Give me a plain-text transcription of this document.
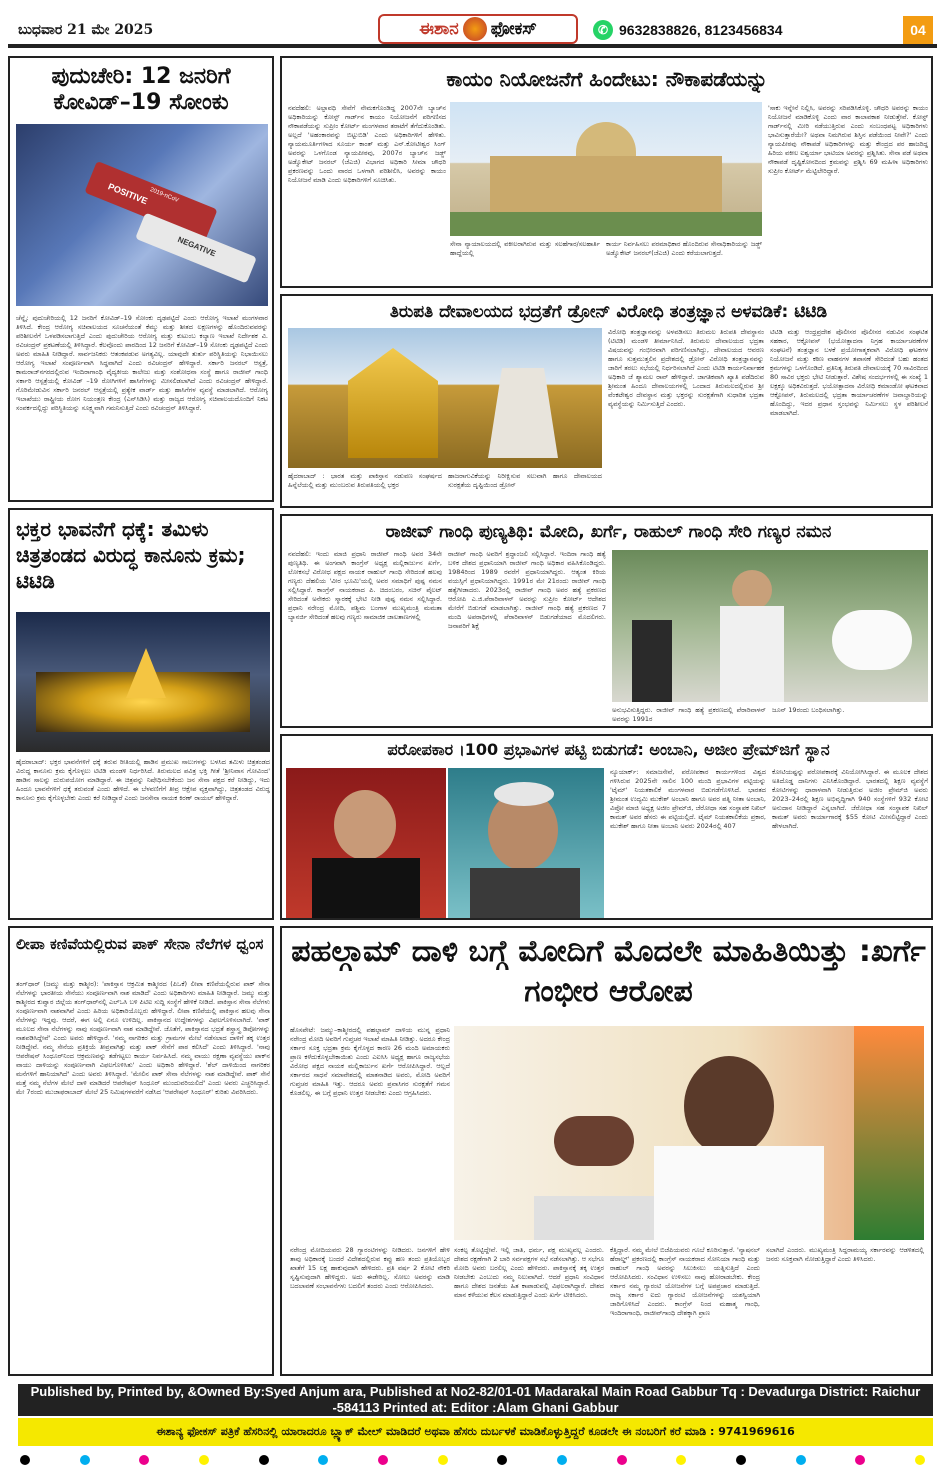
ಬುಧವಾರ 21 ಮೇ 2025	ಈಶಾನ ಫೋಕಸ್	✆ 9632838826, 8123456834	04
ಪುದುಚೇರಿ: 12 ಜನರಿಗೆ ಕೋವಿಡ್–19 ಸೋಂಕು
2019-nCoV
POSITIVE
NEGATIVE
ಚೆನ್ನೈ: ಪುದುಚೇರಿಯಲ್ಲಿ 12 ಜನರಿಗೆ ಕೋವಿಡ್–19 ಸೋಂಕು ದೃಢಪಟ್ಟಿದೆ ಎಂದು ಆರೋಗ್ಯ ಇಲಾಖೆ ಮಂಗಳವಾರ ತಿಳಿಸಿದೆ. ಕೇಂದ್ರ ಆರೋಗ್ಯ ಸಚಿವಾಲಯದ ಸೂಚನೆಯಂತೆ ಕೆಮ್ಮು ಮತ್ತು ಶೀತದ ಲಕ್ಷಣಗಳನ್ನು ಹೊಂದಿರುವವರನ್ನು ಪರಿಶೀಲನೆಗೆ ಒಳಪಡಿಸಲಾಗುತ್ತಿದೆ ಎಂದು ಪುದುಚೇರಿಯ ಆರೋಗ್ಯ ಮತ್ತು ಕುಟುಂಬ ಕಲ್ಯಾಣ ಇಲಾಖೆ ನಿರ್ದೇಶಕ ವಿ. ರವಿಚಂದ್ರನ್ ಪ್ರಕಟಣೆಯಲ್ಲಿ ತಿಳಿಸಿದ್ದಾರೆ. ಕೆಲವೊಂದು ಪಾರದಿಂದ 12 ಜನರಿಗೆ ಕೋವಿಡ್–19 ಸೋಂಕು ದೃಢಪಟ್ಟಿದೆ ಎಂದು ಅವರು ಮಾಹಿತಿ ನೀಡಿದ್ದಾರೆ. ಸಾರ್ವಜನಿಕರು ಆತಂಕಪಡುವ ಅಗತ್ಯವಿಲ್ಲ. ಯಾವುದೇ ತುರ್ತು ಪರಿಸ್ಥಿತಿಯನ್ನು ನಿಭಾಯಿಸಲು ಆರೋಗ್ಯ ಇಲಾಖೆ ಸಂಪೂರ್ಣವಾಗಿ ಸಿದ್ಧವಾಗಿದೆ ಎಂದು ರವಿಚಂದ್ರನ್ ಹೇಳಿದ್ದಾರೆ. ಸರ್ಕಾರಿ ಜನರಲ್ ಆಸ್ಪತ್ರೆ, ಕಾಮರಾಜ್‌ನಗರದಲ್ಲಿರುವ ಇಂದಿರಾಗಾಂಧಿ ವೈದ್ಯಕೀಯ ಕಾಲೇಜು ಮತ್ತು ಸಂಶೋಧನಾ ಸಂಸ್ಥೆ ಹಾಗೂ ರಾಜೀವ್ ಗಾಂಧಿ ಸರ್ಕಾರಿ ಆಸ್ಪತ್ರೆಯಲ್ಲಿ ಕೋವಿಡ್ –19 ರೋಗಿಗಳಿಗೆ ಹಾಸಿಗೆಗಳನ್ನು ಮೀಸಲಿಡಲಾಗಿದೆ ಎಂದು ರವಿಚಂದ್ರನ್ ಹೇಳಿದ್ದಾರೆ. ಗೊರಿಮೇಡುವಿನ ಸರ್ಕಾರಿ ಜನರಲ್ ಆಸ್ಪತ್ರೆಯಲ್ಲಿ ಪ್ರತ್ಯೇಕ ವಾರ್ಡ್ ಮತ್ತು ಹಾಸಿಗೆಗಳ ವ್ಯವಸ್ಥೆ ಮಾಡಲಾಗಿದೆ. ಆರೋಗ್ಯ ಇಲಾಖೆಯು ರಾಷ್ಟ್ರೀಯ ರೋಗ ನಿಯಂತ್ರಣ ಕೇಂದ್ರ (ಎನ್‌ಸಿಡಿಸಿ) ಮತ್ತು ರಾಜ್ಯದ ಆರೋಗ್ಯ ಸಚಿವಾಲಯದೊಂದಿಗೆ ನಿಕಟ ಸಂಪರ್ಕದಲ್ಲಿದ್ದು ಪರಿಸ್ಥಿತಿಯನ್ನು ಸೂಕ್ಷ್ಮವಾಗಿ ಗಮನಿಸುತ್ತಿದೆ ಎಂದು ರವಿಚಂದ್ರನ್ ತಿಳಿಸಿದ್ದಾರೆ.
ಕಾಯಂ ನಿಯೋಜನೆಗೆ ಹಿಂದೇಟು: ನೌಕಾಪಡೆಯನ್ನು
ನವದೆಹಲಿ: ಅಲ್ಪಾವಧಿ ಸೇವೆಗೆ ನೇಮಕಗೊಂಡಿದ್ದ 2007ನೇ ಬ್ಯಾಚ್‌ನ ಅಧಿಕಾರಿಯನ್ನು ಕೋಸ್ಟ್ ಗಾರ್ಡ್‌ನ ಕಾಯಂ ನಿಯೋಜನೆಗೆ ಪರಿಗಣಿಸದ ನೌಕಾಪಡೆಯನ್ನು ಸುಪ್ರೀಂ ಕೋರ್ಟ್ ಮಂಗಳವಾರ ತರಾಟೆಗೆ ತೆಗೆದುಕೊಂಡಿತು. ಅಲ್ಲದೆ 'ಅಹಂಕಾರವನ್ನು ಬಿಟ್ಟುಬಿಡಿ' ಎಂದು ಅಧಿಕಾರಿಗಳಿಗೆ ಹೇಳಿತು. ನ್ಯಾಯಮೂರ್ತಿಗಳಾದ ಸೂರ್ಯ ಕಾಂತ್ ಮತ್ತು ಎನ್.ಕೋಟೀಶ್ವರ ಸಿಂಗ್ ಅವರನ್ನು ಒಳಗೊಂಡ ನ್ಯಾಯಪೀಠವು, 2007ರ ಬ್ಯಾಚ್‌ನ ಜಡ್ಜ್ ಅಡ್ವೊಕೇಟ್ ಜನರಲ್ (ಜೆಎಜಿ) ವಿಭಾಗದ ಅಧಿಕಾರಿ ಸೀಮಾ ಚೌಧರಿ ಪ್ರಕರಣವನ್ನು ಒಂದು ವಾರದ ಒಳಗಾಗಿ ಪರಿಶೀಲಿಸಿ, ಅವರನ್ನು ಕಾಯಂ ನಿಯೋಜನೆ ಮಾಡಿ ಎಂದು ಅಧಿಕಾರಿಗಳಿಗೆ ಸೂಚಿಸಿತು.
ಸೇನಾ ನ್ಯಾಯಾಲಯದಲ್ಲಿ ವಕೀಲರಾಗಿರುವ ಮತ್ತು ಸಲಹೆಗಾರ/ಸಲಹಾರ್ತಿ ಹಾದ್ದೆಯಲ್ಲಿ
ಕಾರ್ಯ ನಿರ್ವಹಿಸಲು ಪರಮಾಧಿಕಾರ ಹೊಂದಿರುವ ಸೇನಾಧಿಕಾರಿಯನ್ನು ಜಡ್ಜ್ ಅಡ್ವೊಕೇಟ್ ಜನರಲ್(ಜೆಎಜಿ) ಎಂದು ಕರೆಯಲಾಗುತ್ತದೆ.
'ಸಾಕು ಇನ್ನೇನೆ ನಿಲ್ಲಿಸಿ, ಅವರನ್ನು ಸರಿಪಡಿಸಿಕೊಳ್ಳಿ. ಚೌಧರಿ ಅವರನ್ನು ಕಾಯಂ ನಿಯೋಜನೆ ಮಾಡಿಕೊಳ್ಳಿ ಎಂದು ವಾರ ಕಾಲಾವಕಾಶ ನೀಡುತ್ತೇವೆ. ಕೋಸ್ಟ್ ಗಾರ್ಡ್‌ನಲ್ಲಿ ಮೀರಿ ನಡೆಯುತ್ತಿರುವ ಎಂದು ಸಂಬಂಧಪಟ್ಟ ಅಧಿಕಾರಿಗಳು ಭಾವಿಸುತ್ತಾರೆಯೇ? ಅಥವಾ ನಿಮಗಿರುವ ಶಿಸ್ತಿನ ಪಡೆಯಿಂದ ನೀವೇ?' ಎಂದು ನ್ಯಾಯಪೀಠವು ನೌಕಾಪಡೆ ಅಧಿಕಾರಿಗಳನ್ನು ಮತ್ತು ಕೇಂದ್ರದ ಪರ ಹಾಜರಿದ್ದ ಹಿರಿಯ ವಕೀಲ ಐಶ್ವರ್ಯಾ ಭಾಟಿಯಾ ಅವರನ್ನು ಪ್ರಶ್ನಿಸಿತು. ಸೇನಾ ಪಡೆ ಅಥವಾ ನೌಕಾಪಡೆ ದೃಷ್ಟಿಕೋನದಿಂದ ಕ್ರಮವನ್ನು ಪ್ರಶ್ನಿಸಿ 69 ಮಹಿಳಾ ಅಧಿಕಾರಿಗಳು ಸುಪ್ರೀಂ ಕೋರ್ಟ್ ಮೆಟ್ಟಿಲೇರಿದ್ದಾರೆ.
ತಿರುಪತಿ ದೇವಾಲಯದ ಭದ್ರತೆಗೆ ಡ್ರೋನ್ ವಿರೋಧಿ ತಂತ್ರಜ್ಞಾನ ಅಳವಡಿಕೆ: ಟಿಟಿಡಿ
ಹೈದರಾಬಾದ್ : ಭಾರತ ಮತ್ತು ಪಾಕಿಸ್ತಾನ ನಡುವಣ ಸಂಘರ್ಷದ ಹಿನ್ನೆಲೆಯಲ್ಲಿ ಮತ್ತು ಮುಂಬರುವ ತಿರುಪತಿಯಲ್ಲಿ ಭಕ್ತರ
ಹಾಜರಾಗುವಿಕೆಯನ್ನು ನಿರೀಕ್ಷಿಸುವ ಸಲುವಾಗಿ ಹಾಗೂ ದೇವಾಲಯದ ಸುರಕ್ಷತೆಯ ದೃಷ್ಟಿಯಿಂದ ಡ್ರೋನ್
ವಿರೋಧಿ ತಂತ್ರಜ್ಞಾನವನ್ನು ಅಳವಡಿಸಲು ತಿರುಮಲ ತಿರುಪತಿ ದೇವಸ್ಥಾನಂ (ಟಿಟಿಡಿ) ಮಂಡಳಿ ತೀರ್ಮಾನಿಸಿದೆ. ತಿರುಮಲ ದೇವಾಲಯದ ಭದ್ರತಾ ವಿಷಯವನ್ನು ಗಂಭೀರವಾಗಿ ಪರಿಗಣಿಸಲಾಗಿದ್ದು, ದೇವಾಲಯದ ಆವರಣ ಹಾಗೂ ಸುತ್ತಮುತ್ತಲಿನ ಪ್ರದೇಶದಲ್ಲಿ ಡ್ರೋನ್ ವಿರೋಧಿ ತಂತ್ರಜ್ಞಾನವನ್ನು ಜಾರಿಗೆ ತರಲು ಸಭೆಯಲ್ಲಿ ನಿರ್ಧರಿಸಲಾಗಿದೆ ಎಂದು ಟಿಟಿಡಿ ಕಾರ್ಯನಿರ್ವಾಹಕ ಅಧಿಕಾರಿ ಜೆ ಶ್ಯಾಮಲ ರಾವ್ ಹೇಳಿದ್ದಾರೆ. ಜಾಗತಿಕವಾಗಿ ಖ್ಯಾತಿ ಪಡೆದಿರುವ ಶ್ರೀಮಂತ ಹಿಂದೂ ದೇವಾಲಯಗಳಲ್ಲಿ ಒಂದಾದ ತಿರುಮಲದಲ್ಲಿರುವ ಶ್ರೀ ವೆಂಕಟೇಶ್ವರ ದೇವಸ್ಥಾನ ಮತ್ತು ಭಕ್ತರನ್ನು ಸುರಕ್ಷತೆಗಾಗಿ ಸುಧಾರಿತ ಭದ್ರತಾ ವ್ಯವಸ್ಥೆಯನ್ನು ನಿರ್ಮಿಸುತ್ತಿದೆ ಎಂದರು.
ಟಿಟಿಡಿ ಮತ್ತು ಆಂಧ್ರಪ್ರದೇಶ ಪೊಲೀಸರ ಪೊಲೀಸರ ನಡುವಿನ ಸಂಘಟಿತ ಸಹಕಾರ, ಆಕ್ಟೋಪಸ್ (ಭಯೋತ್ಪಾದನಾ ನಿಗ್ರಹ ಕಾರ್ಯಾಚರಣೆಗಳ ಸಂಘಟನೆ) ತಂತ್ರಜ್ಞಾನ ಬಳಕೆ ಪ್ರಯೋಗಾತ್ಮಕವಾಗಿ ವಿರೋಧಿ ಘಟಕಗಳ ನಿಯೋಜನೆ ಮತ್ತು ಕಠಿಣ ವಾಹನಗಳ ತಪಾಸಣೆ ಸೇರಿದಂತೆ ಬಹು ಹಂತದ ಕ್ರಮಗಳನ್ನು ಒಳಗೊಂಡಿದೆ. ಪ್ರತಿನಿತ್ಯ ತಿರುಪತಿ ದೇವಾಲಯಕ್ಕೆ 70 ಸಾವಿರದಿಂದ 80 ಸಾವಿರ ಭಕ್ತರು ಭೇಟಿ ನೀಡುತ್ತಾರೆ. ವಿಶೇಷ ಸಂದರ್ಭಗಳಲ್ಲಿ ಈ ಸಂಖ್ಯೆ 1 ಲಕ್ಷಕ್ಕೂ ಅಧಿಕವಿರುತ್ತದೆ. ಭಯೋತ್ಪಾದನಾ ವಿರೋಧಿ ಕಮಾಂಡೋ ಘಟಕವಾದ ಆಕ್ಟೋಪಸ್, ತಿರುಮಲದಲ್ಲಿ ಭದ್ರತಾ ಕಾರ್ಯಾಚರಣೆಗಳ ಜವಾಬ್ದಾರಿಯನ್ನು ಹೊಂದಿದ್ದು, ಇದರ ಪ್ರಧಾನ ಸ್ತಂಭವನ್ನು ನಿರ್ಮಿಸಲು ಸ್ಥಳ ಪರಿಶೀಲನೆ ಮಾಡಲಾಗಿದೆ.
ಭಕ್ತರ ಭಾವನೆಗೆ ಧಕ್ಕೆ: ತಮಿಳು ಚಿತ್ರತಂಡದ ವಿರುದ್ಧ ಕಾನೂನು ಕ್ರಮ; ಟಿಟಿಡಿ
ಹೈದರಾಬಾದ್: ಭಕ್ತರ ಭಾವನೆಗಳಿಗೆ ಧಕ್ಕೆ ತರುವ ರೀತಿಯಲ್ಲಿ ಹಾಡಿನ ಪ್ರಮುಖ ಸಾಲುಗಳನ್ನು ಬಳಸಿದ ತಮಿಳು ಚಿತ್ರತಂಡದ ವಿರುದ್ಧ ಕಾನೂನು ಕ್ರಮ ಕೈಗೊಳ್ಳಲು ಟಿಟಿಡಿ ಮಂಡಳಿ ನಿರ್ಧರಿಸಿದೆ. ತಿರುಮಲದ ಪವಿತ್ರ ಭಕ್ತಿ ಗೀತೆ 'ಶ್ರೀನಿವಾಸ ಗೋವಿಂದ' ಹಾಡಿನ ಸಾಲನ್ನು ದುರುಪಯೋಗ ಮಾಡಿದ್ದಾರೆ. ಈ ಚಿತ್ರವನ್ನು ನಿಷೇಧಿಸಬೇಕೆಂದು ಜನ ಸೇನಾ ಪಕ್ಷದ ಕರೆ ನೀಡಿದ್ದು, ಇದು ಹಿಂದೂ ಭಾವನೆಗಳಿಗೆ ಧಕ್ಕೆ ತರುವಂತೆ ಎಂದು ಹೇಳಿದೆ. ಈ ಬೆಳವಣಿಗೆಗೆ ತೀವ್ರ ಆಕ್ಷೇಪ ವ್ಯಕ್ತವಾಗಿದ್ದು, ಚಿತ್ರತಂಡದ ವಿರುದ್ಧ ಕಾನೂನು ಕ್ರಮ ಕೈಗೊಳ್ಳಬೇಕು ಎಂದು ಕರೆ ನೀಡಿದ್ದಾರೆ ಎಂದು ಜನಸೇನಾ ನಾಯಕ ಕಿರಣ್ ರಾಯಲ್ ಹೇಳಿದ್ದಾರೆ.
ರಾಜೀವ್ ಗಾಂಧಿ ಪುಣ್ಯತಿಥಿ: ಮೋದಿ, ಖರ್ಗೆ, ರಾಹುಲ್ ಗಾಂಧಿ ಸೇರಿ ಗಣ್ಯರ ನಮನ
ನವದೆಹಲಿ: ಇಂದು ಮಾಜಿ ಪ್ರಧಾನಿ ರಾಜೀವ್ ಗಾಂಧಿ ಅವರ 34ನೇ ಪುಣ್ಯತಿಥಿ. ಈ ಅಂಗವಾಗಿ ಕಾಂಗ್ರೆಸ್ ಅಧ್ಯಕ್ಷ ಮಲ್ಲಿಕಾರ್ಜುನ ಖರ್ಗೆ, ಲೋಕಸಭೆ ವಿರೋಧ ಪಕ್ಷದ ನಾಯಕ ರಾಹುಲ್ ಗಾಂಧಿ ಸೇರಿದಂತೆ ಹಲವು ಗಣ್ಯರು ದೆಹಲಿಯ 'ವೀರ ಭೂಮಿ'ಯಲ್ಲಿ ಅವರ ಸಮಾಧಿಗೆ ಪುಷ್ಪ ನಮನ ಸಲ್ಲಿಸಿದ್ದಾರೆ. ಕಾಂಗ್ರೆಸ್ ನಾಯಕರಾದ ಪಿ. ಚಿದಂಬರಂ, ಸಚಿನ್ ಪೈಲಟ್ ಸೇರಿದಂತೆ ಅನೇಕರು ಸ್ಮಾರಕಕ್ಕೆ ಭೇಟಿ ನೀಡಿ ಪುಷ್ಪ ನಮನ ಸಲ್ಲಿಸಿದ್ದಾರೆ. ಪ್ರಧಾನಿ ನರೇಂದ್ರ ಮೋದಿ, ಪಶ್ಚಿಮ ಬಂಗಾಳ ಮುಖ್ಯಮಂತ್ರಿ ಮಮತಾ ಬ್ಯಾನರ್ಜಿ ಸೇರಿದಂತೆ ಹಲವು ಗಣ್ಯರು ಸಾಮಾಜಿಕ ಜಾಲತಾಣಗಳಲ್ಲಿ
ರಾಜೀವ್ ಗಾಂಧಿ ಅವರಿಗೆ ಶ್ರದ್ಧಾಂಜಲಿ ಸಲ್ಲಿಸಿದ್ದಾರೆ. ಇಂದಿರಾ ಗಾಂಧಿ ಹತ್ಯೆ ಬಳಿಕ ದೇಶದ ಪ್ರಧಾನಿಯಾಗಿ ರಾಜೀವ್ ಗಾಂಧಿ ಅಧಿಕಾರ ವಹಿಸಿಕೊಂಡಿದ್ದರು. 1984ರಿಂದ 1989 ರವರೆಗೆ ಪ್ರಧಾನಿಯಾಗಿದ್ದರು. ಆತ್ಯಂತ ಕಿರಿಯ ವಯಸ್ಸಿಗೆ ಪ್ರಧಾನಿಯಾಗಿದ್ದರು. 1991ರ ಮೇ 21ರಂದು ರಾಜೀವ್ ಗಾಂಧಿ ಹತ್ಯೆಗೀಡಾದರು. 2023ರಲ್ಲಿ ರಾಜೀವ್ ಗಾಂಧಿ ಅವರ ಹತ್ಯೆ ಪ್ರಕರಣದ ಆರೋಪಿ ಎ.ಜಿ.ಪೆರಾರಿವಾಳನ್ ಅವರನ್ನು ಸುಪ್ರೀಂ ಕೋರ್ಟ್ ಆದೇಶದ ಮೇರೆಗೆ ಬಿಡುಗಡೆ ಮಾಡಲಾಗಿತ್ತು. ರಾಜೀವ್ ಗಾಂಧಿ ಹತ್ಯೆ ಪ್ರಕರಣದ 7 ಮಂದಿ ಅಪರಾಧಿಗಳಲ್ಲಿ ಪೆರಾರಿವಾಳನ್ ಬಿಡುಗಡೆಯಾದ ಮೊದಲಿಗರು. ಜನಾಪರಿಗೆ ಶಿಕ್ಷೆ
ಅನುಭವಿಸುತ್ತಿದ್ದರು. ರಾಜೀವ್ ಗಾಂಧಿ ಹತ್ಯೆ ಪ್ರಕರಣದಲ್ಲಿ ಪೆರಾರಿವಾಳನ್ ಅವರನ್ನು 1991ರ
ಜೂನ್ 19ರಂದು ಬಂಧಿಸಲಾಗಿತ್ತು.
ಪರೋಪಕಾರ ।100 ಪ್ರಭಾವಿಗಳ ಪಟ್ಟಿ ಬಿಡುಗಡೆ: ಅಂಬಾನಿ, ಅಜೀಂ ಪ್ರೇಮ್‌ಜಿಗೆ ಸ್ಥಾನ
ನ್ಯೂಯಾರ್ಕ್: ಸಮಾಜಸೇವೆ, ಪರೋಪಕಾರ ಕಾರ್ಯಗಳಿಂದ ವಿಶ್ವದ ಗಳಿಸಿರುವ 2025ನೇ ಸಾಲಿನ 100 ಮಂದಿ ಪ್ರಭಾವಿಗಳ ಪಟ್ಟಿಯನ್ನು 'ಟೈಮ್' ನಿಯತಕಾಲಿಕೆ ಮಂಗಳವಾರ ಬಿಡುಗಡೆಗೊಳಿಸಿದೆ. ಭಾರತದ ಶ್ರೀಮಂತ ಉದ್ಯಮಿ ಮುಕೇಶ್ ಅಂಬಾನಿ ಹಾಗೂ ಅವರ ಪತ್ನಿ ನೀತಾ ಅಂಬಾನಿ, ವಿಪ್ರೋ ಮಾಜಿ ಅಧ್ಯಕ್ಷ ಅಜೀಂ ಪ್ರೇಮ್‌ಜಿ, ಜೆರೋಧಾ ಸಹ ಸಂಸ್ಥಾಪಕ ನಿಖಿಲ್ ಕಾಮತ್ ಅವರ ಹೆಸರು ಈ ಪಟ್ಟಿಯಲ್ಲಿದೆ. ಟೈಮ್ ನಿಯತಕಾಲಿಕೆಯ ಪ್ರಕಾರ, ಮುಕೇಶ್ ಹಾಗೂ ನೀತಾ ಅಂಬಾನಿ ಅವರು 2024ರಲ್ಲಿ 407
ಕೋಟಿಯಷ್ಟನ್ನು ಪರೋಪಕಾರಕ್ಕೆ ವಿನಿಯೋಗಿಸಿದ್ದಾರೆ. ಈ ಮೂಲಕ ದೇಶದ ಅತಿದೊಡ್ಡ ದಾನಿಗಳು ಎನಿಸಿಕೊಂಡಿದ್ದಾರೆ. ಭಾರತದಲ್ಲಿ ಶಿಕ್ಷಣ ವ್ಯವಸ್ಥೆಗೆ ಕೋಟಿಗಳನ್ನು ಧಾರಾಳವಾಗಿ ನೀಡುತ್ತಿರುವ ಅಜೀಂ ಪ್ರೇಮ್‌ಜಿ ಅವರು 2023–24ರಲ್ಲಿ ಶಿಕ್ಷಣ ಅಭಿವೃದ್ಧಿಗಾಗಿ 940 ಸಂಸ್ಥೆಗಳಿಗೆ 932 ಕೋಟಿ ಅನುದಾನ ನೀಡಿದ್ದಾರೆ ಎನ್ನಲಾಗಿದೆ. ಜೆರೋಧಾ ಸಹ ಸಂಸ್ಥಾಪಕ ನಿಖಿಲ್ ಕಾಮತ್ ಅವರು ಕಾರ್ಯಾಗಾರಕ್ಕೆ $55 ಕೋಟಿ ಮೀಸಲಿಟ್ಟಿದ್ದಾರೆ ಎಂದು ಹೇಳಲಾಗಿದೆ.
ಲೀಪಾ ಕಣಿವೆಯಲ್ಲಿರುವ ಪಾಕ್ ಸೇನಾ ನೆಲೆಗಳ ಧ್ವಂಸ
ತಂಗ್‌ಧಾರ್ (ಜಮ್ಮು ಮತ್ತು ಕಾಶ್ಮೀರ): 'ಪಾಕಿಸ್ತಾನ ಆಕ್ರಮಿತ ಕಾಶ್ಮೀರದ (ಪಿಒಕೆ) ಲೀಪಾ ಕಣಿವೆಯಲ್ಲಿರುವ ಪಾಕ್ ಸೇನಾ ನೆಲೆಗಳನ್ನು ಭಾರತೀಯ ಸೇನೆಯು ಸಂಪೂರ್ಣವಾಗಿ ನಾಶ ಮಾಡಿದೆ' ಎಂದು ಅಧಿಕಾರಿಗಳು ಮಾಹಿತಿ ನೀಡಿದ್ದಾರೆ. ಜಮ್ಮು ಮತ್ತು ಕಾಶ್ಮೀರದ ಕುಪ್ವಾರ ಜಿಲ್ಲೆಯ ತಂಗ್‌ಧಾರ್‌ನಲ್ಲಿ ಎಲ್‌ಒಸಿ ಬಳಿ ಪಿಟಿಐ ಸುದ್ದಿ ಸಂಸ್ಥೆಗೆ ಹೇಳಿಕೆ ನೀಡಿದೆ. ಪಾಕಿಸ್ತಾನ ಸೇನಾ ನೆಲೆಗಳು ಸಂಪೂರ್ಣವಾಗಿ ನಾಶವಾಗಿವೆ ಎಂದು ಹಿರಿಯ ಅಧಿಕಾರಿಯೊಬ್ಬರು ಹೇಳಿದ್ದಾರೆ. ಲೀಪಾ ಕಣಿವೆಯಲ್ಲಿ ಪಾಕಿಸ್ತಾನ ಹಲವು ಸೇನಾ ನೆಲೆಗಳನ್ನು ಇದ್ದವು. ಆದರೆ, ಈಗ ಅಲ್ಲಿ ಏನೂ ಉಳಿದಿಲ್ಲ. ಪಾಕಿಸ್ತಾನದ ಉದ್ದೇಶಗಳನ್ನು ವಿಫಲಗೊಳಿಸಲಾಗಿದೆ. 'ಪಾಕ್ ಮೂಲದ ಸೇನಾ ನೆಲೆಗಳನ್ನು ನಾವು ಸಂಪೂರ್ಣವಾಗಿ ನಾಶ ಮಾಡಿದ್ದೇವೆ. ಜೊತೆಗೆ, ಪಾಕಿಸ್ತಾನದ ಭದ್ರತೆ ಶಸ್ತ್ರಾಸ್ತ್ರ ಡಿಪೋಗಳನ್ನು ನಾಶಪಡಿಸಿದ್ದೇವೆ' ಎಂದು ಅವರು ಹೇಳಿದ್ದಾರೆ. 'ನಮ್ಮ ನಾಗರಿಕರ ಮತ್ತು ಗ್ರಾಮಗಳ ಮೇಲೆ ನಡೆಸಲಾದ ದಾಳಿಗೆ ತಕ್ಕ ಉತ್ತರ ನೀಡಿದ್ದೇವೆ. ನಮ್ಮ ಸೇನೆಯ ಪ್ರತಿಕ್ರಿಯೆ ತೀವ್ರವಾಗಿತ್ತು ಮತ್ತು ಪಾಕ್ ಸೇನೆಗೆ ಪಾಠ ಕಲಿಸಿದೆ' ಎಂದು ತಿಳಿಸಿದ್ದಾರೆ. 'ನಾವು ಆಪರೇಷನ್ ಸಿಂಧೂರ್‌ನಿಂದ ಆಕ್ರಮಣವನ್ನು ತಡೆಗಟ್ಟಲು ಕಾರ್ಯ ನಿರ್ವಹಿಸಿದೆ. ನಮ್ಮ ವಾಯು ರಕ್ಷಣಾ ವ್ಯವಸ್ಥೆಯು ಪಾಕ್‌ನ ವಾಯು ದಾಳಿಯನ್ನು ಸಂಪೂರ್ಣವಾಗಿ ವಿಫಲಗೊಳಿಸಿತು' ಎಂದು ಅಧಿಕಾರಿ ಹೇಳಿದ್ದಾರೆ. 'ಶೆಲ್ ದಾಳಿಯಿಂದ ನಾಗರಿಕರ ಮನೆಗಳಿಗೆ ಹಾನಿಯಾಗಿದೆ' ಎಂದು ಅವರು ತಿಳಿಸಿದ್ದಾರೆ. 'ಮೇಲಿನ ಪಾಕ್ ಸೇನಾ ನೆಲೆಗಳನ್ನು ನಾಶ ಮಾಡಿದ್ದೇವೆ. ಪಾಕ್ ಸೇನೆ ಮತ್ತೆ ನಮ್ಮ ನೆಲೆಗಳ ಮೇಲೆ ದಾಳಿ ಮಾಡಿದರೆ ಆಪರೇಷನ್ ಸಿಂಧೂರ್ ಮುಂದುವರಿಯಲಿದೆ' ಎಂದು ಅವರು ಎಚ್ಚರಿಸಿದ್ದಾರೆ. ಮೇ 7ರಂದು ಮುಜಾಫರಾಬಾದ್ ಮೇಲೆ 25 ನಿಮಿಷಗಳವರೆಗೆ ನಡೆಸಿದ 'ಆಪರೇಷನ್ ಸಿಂಧೂರ್' ಕುರಿತು ವಿವರಿಸಿದರು.
ಪಹಲ್ಗಾಮ್ ದಾಳಿ ಬಗ್ಗೆ ಮೋದಿಗೆ ಮೊದಲೇ ಮಾಹಿತಿಯಿತ್ತು :ಖರ್ಗೆ ಗಂಭೀರ ಆರೋಪ
ಹೊಸಪೇಟೆ: ಜಮ್ಮು–ಕಾಶ್ಮೀರದಲ್ಲಿ ಪಹಲ್ಗಾಮ್ ದಾಳಿಯ ಮುನ್ನ ಪ್ರಧಾನಿ ನರೇಂದ್ರ ಮೋದಿ ಅವರಿಗೆ ಗುಪ್ತಚರ ಇಲಾಖೆ ಮಾಹಿತಿ ನೀಡಿತ್ತು. ಅದರೂ ಕೇಂದ್ರ ಸರ್ಕಾರ ಸೂಕ್ತ ಭದ್ರತಾ ಕ್ರಮ ಕೈಗೊಳ್ಳದ ಕಾರಣ 26 ಮಂದಿ ಅಮಾಯಕರು ಪ್ರಾಣ ಕಳೆದುಕೊಳ್ಳಬೇಕಾಯಿತು ಎಂದು ಎಐಸಿಸಿ ಅಧ್ಯಕ್ಷ ಹಾಗೂ ರಾಜ್ಯಸಭೆಯ ವಿರೋಧ ಪಕ್ಷದ ನಾಯಕ ಮಲ್ಲಿಕಾರ್ಜುನ ಖರ್ಗೆ ಆರೋಪಿಸಿದ್ದಾರೆ. ಆಲ್ಲದೆ ಸರ್ಕಾರದ ಸಾಧನೆ ಸಮಾವೇಶದಲ್ಲಿ ಮಾತನಾಡಿದ ಅವರು, ಮೋದಿ ಅವರಿಗೆ ಗುಪ್ತಚರ ಮಾಹಿತಿ ಇತ್ತು. ಆದರೂ ಅವರು ಪ್ರವಾಸಿಗರ ಸುರಕ್ಷತೆಗೆ ಗಮನ ಕೊಡಲಿಲ್ಲ. ಈ ಬಗ್ಗೆ ಪ್ರಧಾನಿ ಉತ್ತರ ನೀಡಬೇಕು ಎಂದು ಆಗ್ರಹಿಸಿದರು.
ಸಂಕಲ್ಪ ತೊಟ್ಟಿದ್ದೇವೆ. ಇಲ್ಲಿ ಜಾತಿ, ಧರ್ಮ, ಪಕ್ಷ ಮುಖ್ಯವಲ್ಲ ಎಂದರು. ದೇಶದ ರಕ್ಷಣೆಗಾಗಿ 2 ಬಾರಿ ಸರ್ವಪಕ್ಷಗಳ ಸಭೆ ನಡೆಸಲಾಗಿತ್ತು. ಆ ಸಭೆಗೂ ಮೋದಿ ಅವರು ಬರಲಿಲ್ಲ ಎಂದು ಹೇಳಿದರು. ಪಾಕಿಸ್ತಾನಕ್ಕೆ ತಕ್ಕ ಉತ್ತರ ನೀಡಬೇಕು ಎಂಬುದು ನಮ್ಮ ನಿಲುವಾಗಿದೆ. ಆದರೆ ಪ್ರಧಾನಿ ಸಂವಿಧಾನ ಹಾಗೂ ದೇಶದ ಜನತೆಯ ಹಿತ ಕಾಪಾಡುವಲ್ಲಿ ವಿಫಲರಾಗಿದ್ದಾರೆ. ದೇಶದ ಮಾನ ಕಳೆಯುವ ಕೆಲಸ ಮಾಡುತ್ತಿದ್ದಾರೆ ಎಂದು ಖರ್ಗೆ ಟೀಕಿಸಿದರು.
ಕೆತ್ತಿದ್ದಾರೆ. ನಮ್ಮ ಮೇಲೆ ಬಿಜೆಪಿಯವರು ಗೂಬೆ ಕೂರಿಸುತ್ತಾರೆ. 'ನ್ಯಾಷನಲ್ ಹೆರಾಲ್ಡ್' ಪ್ರಕರಣದಲ್ಲಿ ಕಾಂಗ್ರೆಸ್ ನಾಯಕರಾದ ಸೋನಿಯಾ ಗಾಂಧಿ ಮತ್ತು ರಾಹುಲ್ ಗಾಂಧಿ ಅವರನ್ನು ಸಿಲುಕಿಸಲು ಯತ್ನಿಸುತ್ತಿದೆ ಎಂದು ಆರೋಪಿಸಿದರು. ಸಂವಿಧಾನ ಉಳಿಸಲು ನಾವು ಹೋರಾಡಬೇಕು. ಕೇಂದ್ರ ಸರ್ಕಾರ ನಮ್ಮ ಗ್ಯಾರಂಟಿ ಯೋಜನೆಗಳ ಬಗ್ಗೆ ಅಪಪ್ರಚಾರ ಮಾಡುತ್ತಿದೆ. ರಾಜ್ಯ ಸರ್ಕಾರ ಐದು ಗ್ಯಾರಂಟಿ ಯೋಜನೆಗಳನ್ನು ಯಶಸ್ವಿಯಾಗಿ ಜಾರಿಗೊಳಿಸಿದೆ ಎಂದರು. ಕಾಂಗ್ರೆಸ್ ನಿಂದ ಮಹಾತ್ಮ ಗಾಂಧಿ, ಇಂದಿರಾಗಾಂಧಿ, ರಾಜೀವ್‌ಗಾಂಧಿ ದೇಶಕ್ಕಾಗಿ ಪ್ರಾಣ
ಸಲಾಗಿದೆ ಎಂದರು. ಮುಖ್ಯಮಂತ್ರಿ ಸಿದ್ದರಾಮಯ್ಯ ಸರ್ಕಾರವನ್ನು ಆಡಳಿತದಲ್ಲಿ ಜನರು ಸೂಕ್ತವಾಗಿ ನೋಡುತ್ತಿದ್ದಾರೆ ಎಂದು ತಿಳಿಸಿದರು.
ನರೇಂದ್ರ ಮೋದಿಯವರು 28 ಗ್ಯಾರಂಟಿಗಳನ್ನು ನೀಡಿದರು. ಜನಗಳಿಗೆ ಹೇಳಿ ತಾವು ಅಧಿಕಾರಕ್ಕೆ ಬಂದರೆ ವಿದೇಶದಲ್ಲಿರುವ ಕಪ್ಪು ಹಣ ತಂದು ಪ್ರತಿಯೊಬ್ಬರ ಖಾತೆಗೆ 15 ಲಕ್ಷ ಹಾಕುವುದಾಗಿ ಹೇಳಿದರು. ಪ್ರತಿ ವರ್ಷ 2 ಕೋಟಿ ನೌಕರಿ ಸೃಷ್ಟಿಸುವುದಾಗಿ ಹೇಳಿದ್ದರು. ಅದು ಈಡೇರಿಲ್ಲ. ಸೋಲು ಅವರನ್ನು ಮಾಡಿ ಬದಲಾವಣೆ ಸಂಭಾವನೆಗಳು ಬದಲಿಗೆ ತಂದರು ಎಂದು ಆರೋಪಿಸಿದರು.
Published by, Printed by, &Owned By:Syed Anjum ara, Published at No2-82/01-01 Madarakal Main Road Gabbur Tq : Devadurga District: Raichur -584113 Printed at: Editor :Alam Ghani Gabbur
ಈಶಾನ್ಯ ಫೋಕಸ್ ಪತ್ರಿಕೆ ಹೆಸರಿನಲ್ಲಿ ಯಾರಾದರೂ ಬ್ಲ್ಯಾಕ್ ಮೇಲ್ ಮಾಡಿದರೆ ಅಥವಾ ಹೆಸರು ದುರ್ಬಳಕೆ ಮಾಡಿಕೊಳ್ಳುತ್ತಿದ್ದರೆ ಕೂಡಲೇ ಈ ನಂಬರಿಗೆ ಕರೆ ಮಾಡಿ : 9741969616
